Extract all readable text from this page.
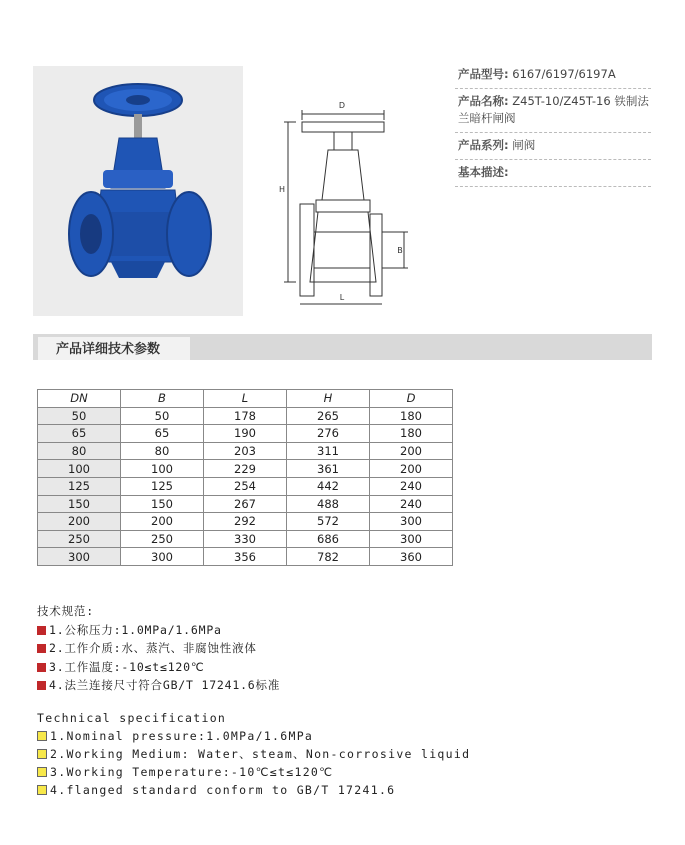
D
H
B
L
产品型号: 6167/6197/6197A
产品名称: Z45T-10/Z45T-16 铁制法兰暗杆闸阀
产品系列: 闸阀
基本描述:
产品详细技术参数
DN	B	L	H	D
50	50	178	265	180
65	65	190	276	180
80	80	203	311	200
100	100	229	361	200
125	125	254	442	240
150	150	267	488	240
200	200	292	572	300
250	250	330	686	300
300	300	356	782	360
技术规范:
1.公称压力:1.0MPa/1.6MPa
2.工作介质:水、蒸汽、非腐蚀性液体
3.工作温度:-10≤t≤120℃
4.法兰连接尺寸符合GB/T 17241.6标准
Technical specification
1.Nominal pressure:1.0MPa/1.6MPa
2.Working Medium: Water、steam、Non-corrosive liquid
3.Working Temperature:-10℃≤t≤120℃
4.flanged standard conform to GB/T 17241.6
